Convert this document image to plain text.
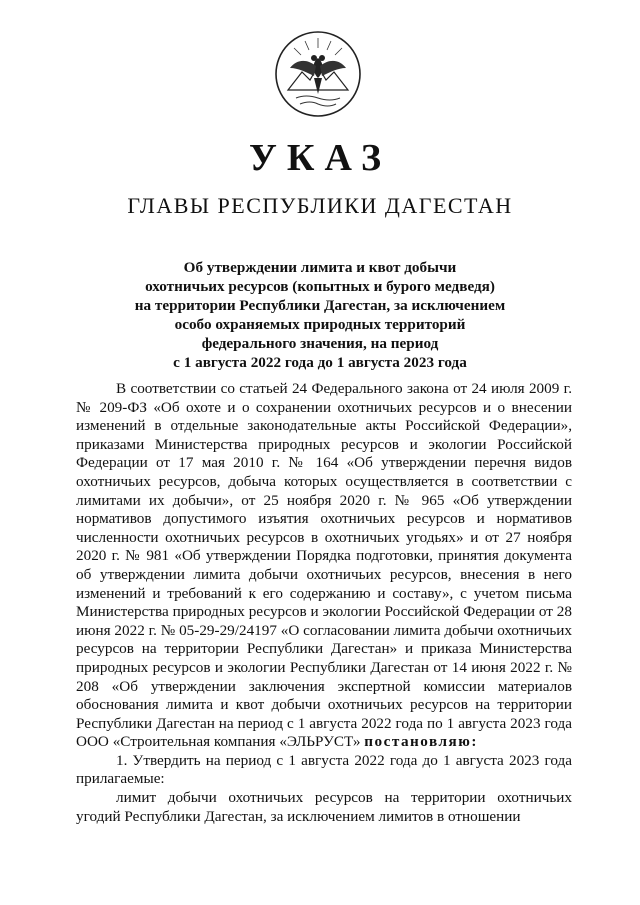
УКАЗ
ГЛАВЫ РЕСПУБЛИКИ ДАГЕСТАН
Об утверждении лимита и квот добычи
охотничьих ресурсов (копытных и бурого медведя)
на территории Республики Дагестан, за исключением
особо охраняемых природных территорий
федерального значения, на период
с 1 августа 2022 года до 1 августа 2023 года

В соответствии со статьей 24 Федерального закона от 24 июля 2009 г. № 209-ФЗ «Об охоте и о сохранении охотничьих ресурсов и о внесении изменений в отдельные законодательные акты Российской Федерации», приказами Министерства природных ресурсов и экологии Российской Федерации от 17 мая 2010 г. № 164 «Об утверждении перечня видов охотничьих ресурсов, добыча которых осуществляется в соответствии с лимитами их добычи», от 25 ноября 2020 г. № 965 «Об утверждении нормативов допустимого изъятия охотничьих ресурсов и нормативов численности охотничьих ресурсов в охотничьих угодьях» и от 27 ноября 2020 г. № 981 «Об утверждении Порядка подготовки, принятия документа об утверждении лимита добычи охотничьих ресурсов, внесения в него изменений и требований к его содержанию и составу», с учетом письма Министерства природных ресурсов и экологии Российской Федерации от 28 июня 2022 г. № 05-29-29/24197 «О согласовании лимита добычи охотничьих ресурсов на территории Республики Дагестан» и приказа Министерства природных ресурсов и экологии Республики Дагестан от 14 июня 2022 г. № 208 «Об утверждении заключения экспертной комиссии материалов обоснования лимита и квот добычи охотничьих ресурсов на территории Республики Дагестан на период с 1 августа 2022 года по 1 августа 2023 года ООО «Строительная компания «ЭЛЬРУСТ» постановляю:

1. Утвердить на период с 1 августа 2022 года до 1 августа 2023 года прилагаемые:

лимит добычи охотничьих ресурсов на территории охотничьих угодий Республики Дагестан, за исключением лимитов в отношении
